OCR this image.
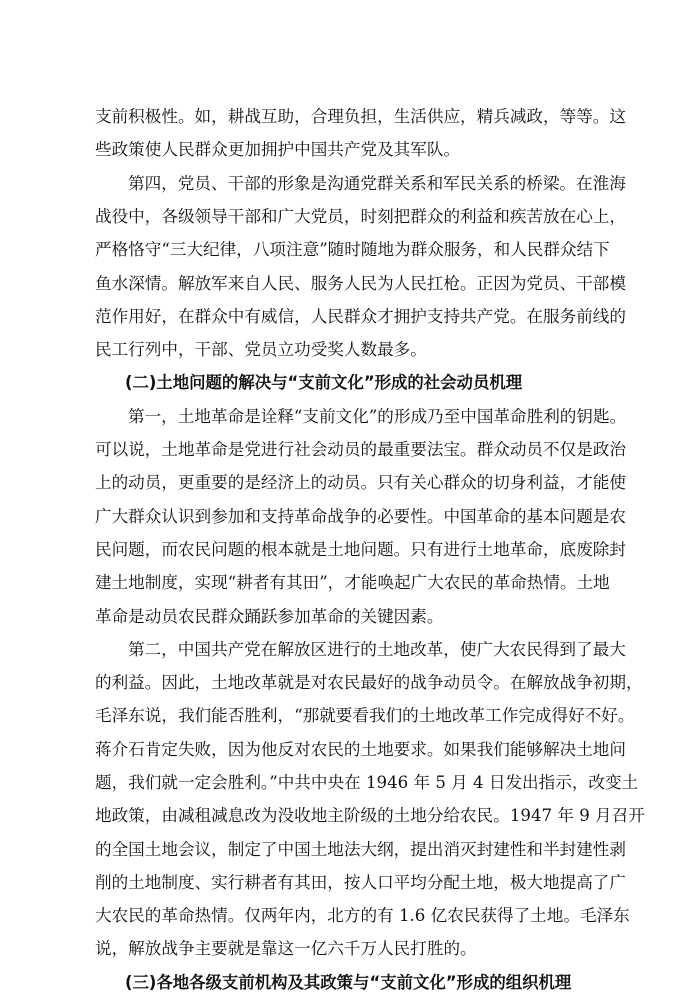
支前积极性。如，耕战互助，合理负担，生活供应，精兵减政，等等。这
些政策使人民群众更加拥护中国共产党及其军队。
第四，党员、干部的形象是沟通党群关系和军民关系的桥梁。在淮海
战役中，各级领导干部和广大党员，时刻把群众的利益和疾苦放在心上，
严格恪守“三大纪律，八项注意”随时随地为群众服务，和人民群众结下
鱼水深情。解放军来自人民、服务人民为人民扛枪。正因为党员、干部模
范作用好，在群众中有威信，人民群众才拥护支持共产党。在服务前线的
民工行列中，干部、党员立功受奖人数最多。
(二)土地问题的解决与“支前文化”形成的社会动员机理
第一，土地革命是诠释“支前文化”的形成乃至中国革命胜利的钥匙。
可以说，土地革命是党进行社会动员的最重要法宝。群众动员不仅是政治
上的动员，更重要的是经济上的动员。只有关心群众的切身利益，才能使
广大群众认识到参加和支持革命战争的必要性。中国革命的基本问题是农
民问题，而农民问题的根本就是土地问题。只有进行土地革命，底废除封
建土地制度，实现“耕者有其田”，才能唤起广大农民的革命热情。土地
革命是动员农民群众踊跃参加革命的关键因素。
第二，中国共产党在解放区进行的土地改革，使广大农民得到了最大
的利益。因此，土地改革就是对农民最好的战争动员令。在解放战争初期，
毛泽东说，我们能否胜利，“那就要看我们的土地改革工作完成得好不好。
蒋介石肯定失败，因为他反对农民的土地要求。如果我们能够解决土地问
题，我们就一定会胜利。”中共中央在 1946 年 5 月 4 日发出指示，改变土
地政策，由减租减息改为没收地主阶级的土地分给农民。1947 年 9 月召开
的全国土地会议，制定了中国土地法大纲，提出消灭封建性和半封建性剥
削的土地制度、实行耕者有其田，按人口平均分配土地，极大地提高了广
大农民的革命热情。仅两年内，北方的有 1.6 亿农民获得了土地。毛泽东
说，解放战争主要就是靠这一亿六千万人民打胜的。
(三)各地各级支前机构及其政策与“支前文化”形成的组织机理
